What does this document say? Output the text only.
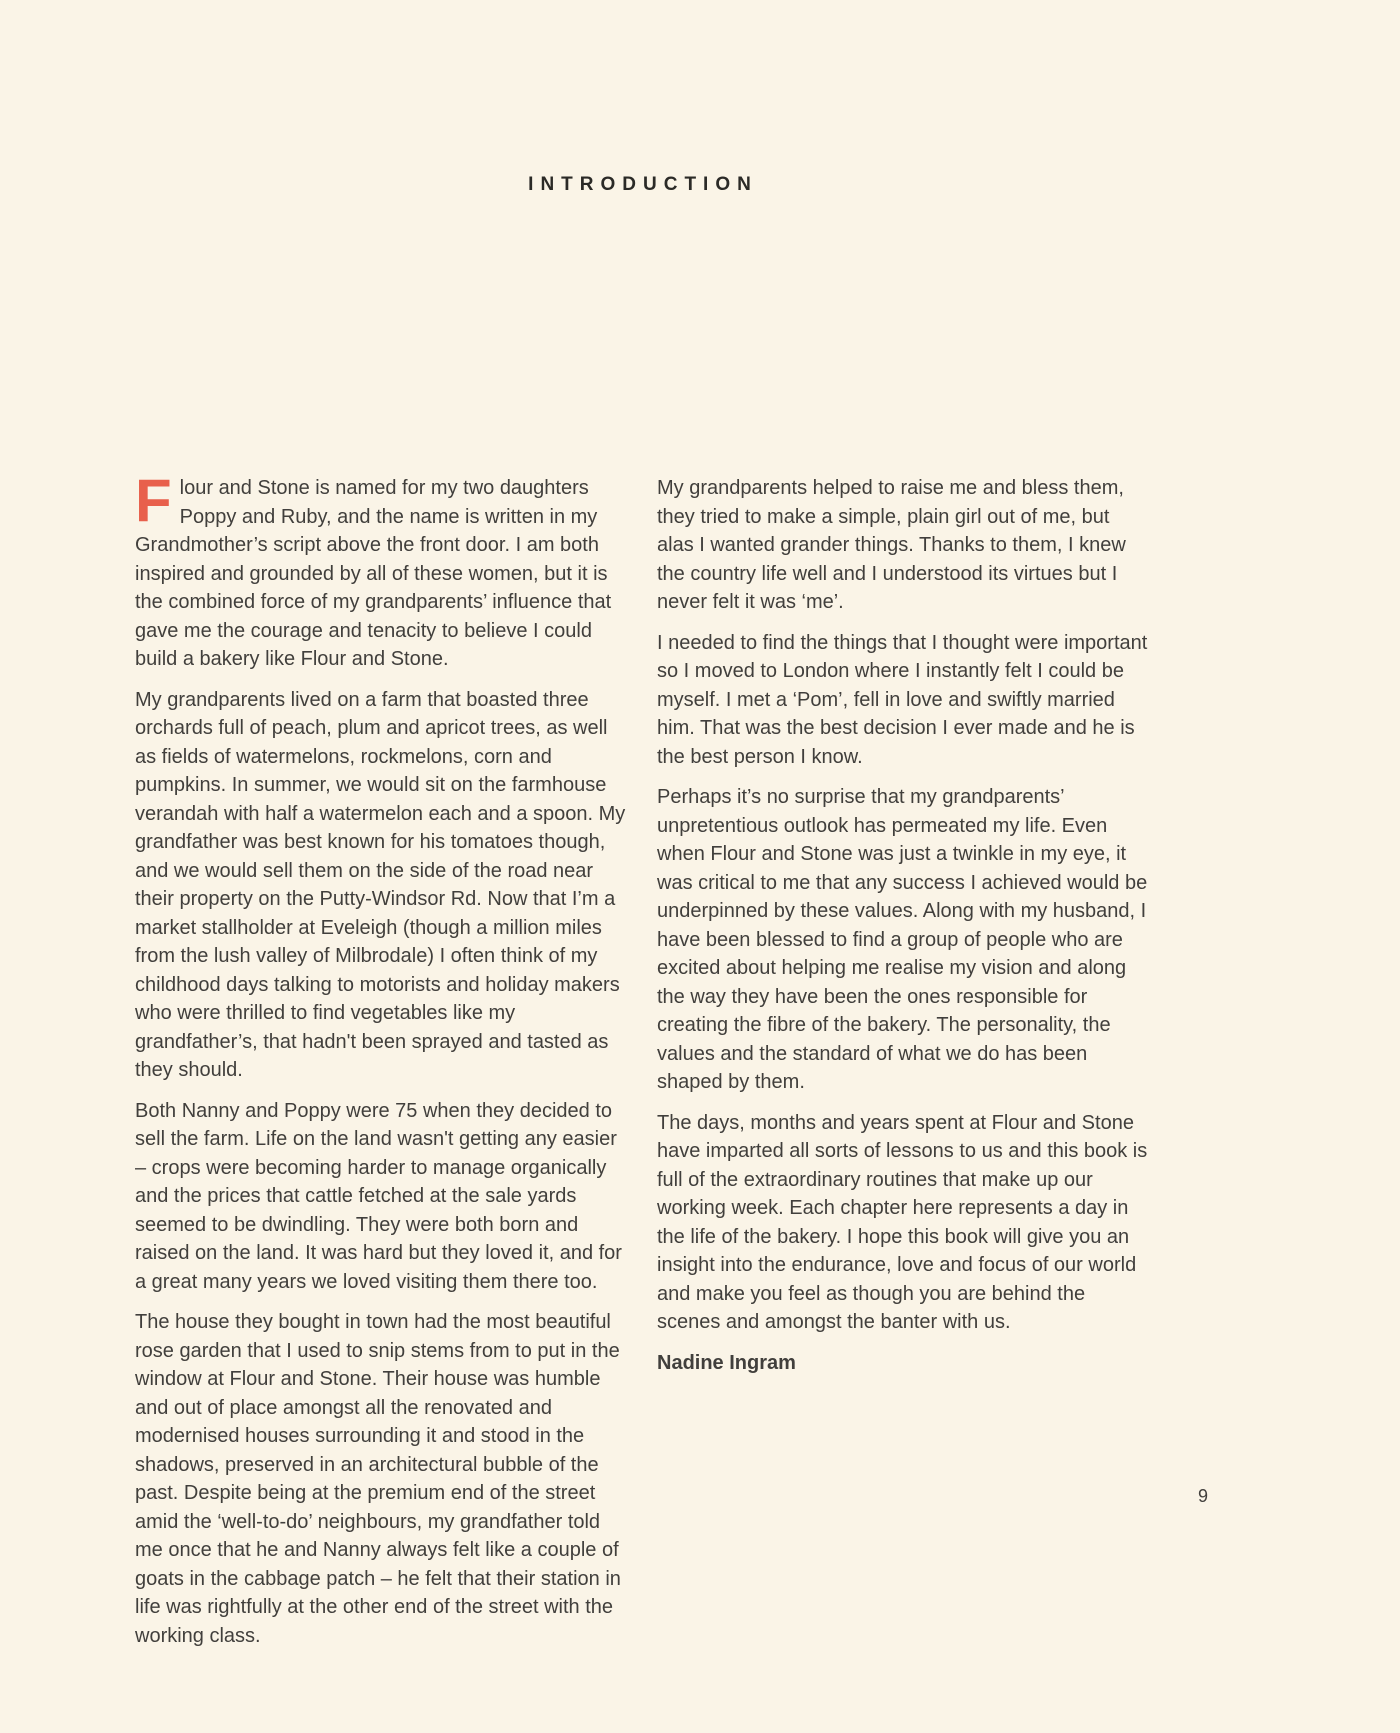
INTRODUCTION

Flour and Stone is named for my two daughters Poppy and Ruby, and the name is written in my Grandmother’s script above the front door. I am both inspired and grounded by all of these women, but it is the combined force of my grandparents’ influence that gave me the courage and tenacity to believe I could build a bakery like Flour and Stone.

My grandparents lived on a farm that boasted three orchards full of peach, plum and apricot trees, as well as fields of watermelons, rockmelons, corn and pumpkins. In summer, we would sit on the farmhouse verandah with half a watermelon each and a spoon. My grandfather was best known for his tomatoes though, and we would sell them on the side of the road near their property on the Putty-Windsor Rd. Now that I’m a market stallholder at Eveleigh (though a million miles from the lush valley of Milbrodale) I often think of my childhood days talking to motorists and holiday makers who were thrilled to find vegetables like my grandfather’s, that hadn't been sprayed and tasted as they should.

Both Nanny and Poppy were 75 when they decided to sell the farm. Life on the land wasn't getting any easier – crops were becoming harder to manage organically and the prices that cattle fetched at the sale yards seemed to be dwindling. They were both born and raised on the land. It was hard but they loved it, and for a great many years we loved visiting them there too.

The house they bought in town had the most beautiful rose garden that I used to snip stems from to put in the window at Flour and Stone. Their house was humble and out of place amongst all the renovated and modernised houses surrounding it and stood in the shadows, preserved in an architectural bubble of the past. Despite being at the premium end of the street amid the ‘well-to-do’ neighbours, my grandfather told me once that he and Nanny always felt like a couple of goats in the cabbage patch – he felt that their station in life was rightfully at the other end of the street with the working class.

My grandparents helped to raise me and bless them, they tried to make a simple, plain girl out of me, but alas I wanted grander things. Thanks to them, I knew the country life well and I understood its virtues but I never felt it was ‘me’.

I needed to find the things that I thought were important so I moved to London where I instantly felt I could be myself. I met a ‘Pom’, fell in love and swiftly married him. That was the best decision I ever made and he is the best person I know.

Perhaps it’s no surprise that my grandparents’ unpretentious outlook has permeated my life. Even when Flour and Stone was just a twinkle in my eye, it was critical to me that any success I achieved would be underpinned by these values. Along with my husband, I have been blessed to find a group of people who are excited about helping me realise my vision and along the way they have been the ones responsible for creating the fibre of the bakery. The personality, the values and the standard of what we do has been shaped by them.

The days, months and years spent at Flour and Stone have imparted all sorts of lessons to us and this book is full of the extraordinary routines that make up our working week. Each chapter here represents a day in the life of the bakery. I hope this book will give you an insight into the endurance, love and focus of our world and make you feel as though you are behind the scenes and amongst the banter with us.

Nadine Ingram

9
